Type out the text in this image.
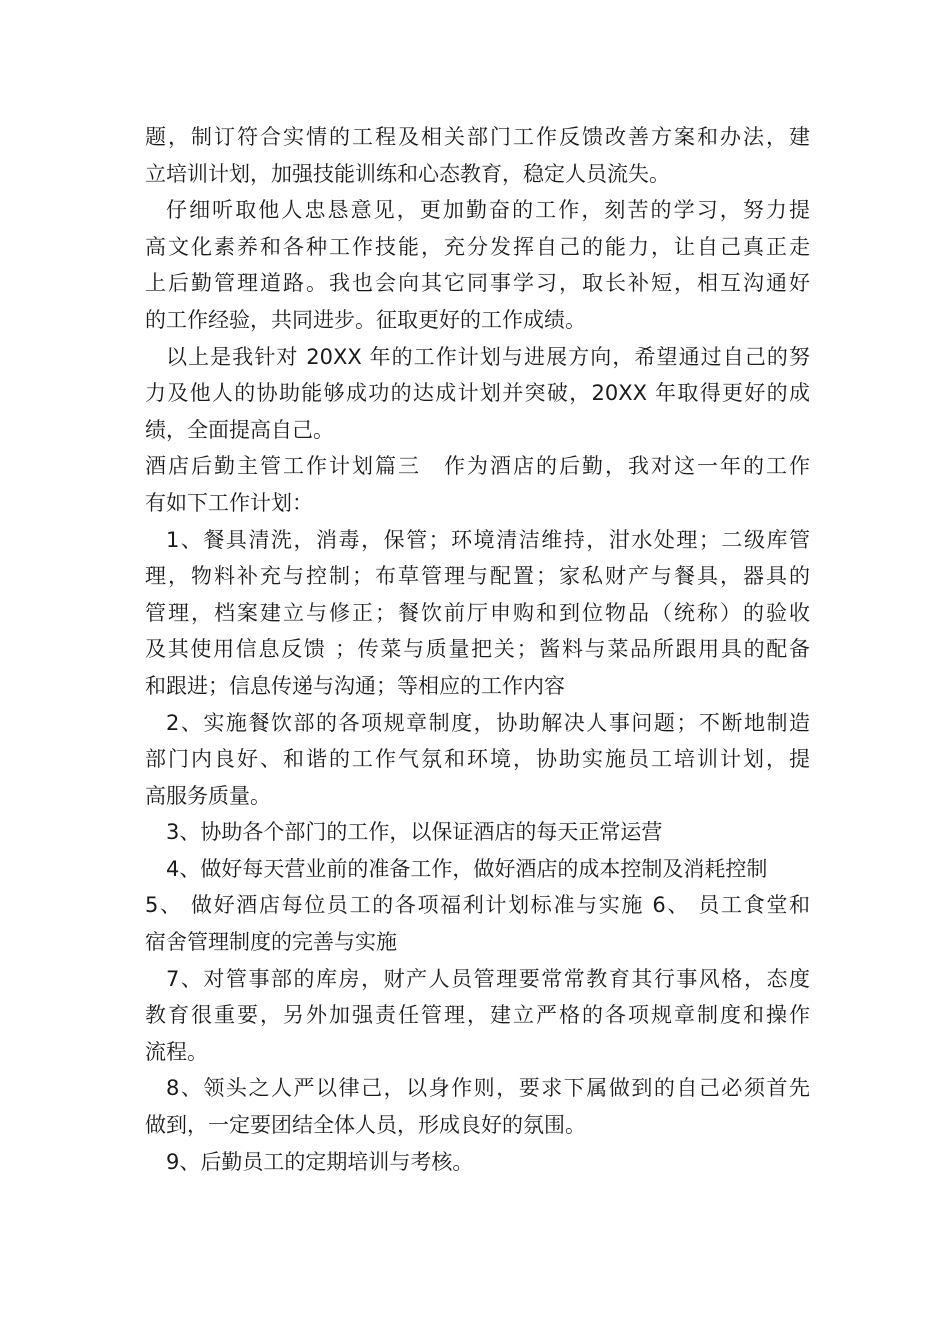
题，制订符合实情的工程及相关部门工作反馈改善方案和办法，建
立培训计划，加强技能训练和心态教育，稳定人员流失。

仔细听取他人忠恳意见，更加勤奋的工作，刻苦的学习，努力提
高文化素养和各种工作技能，充分发挥自己的能力，让自己真正走
上后勤管理道路。我也会向其它同事学习，取长补短，相互沟通好
的工作经验，共同进步。征取更好的工作成绩。

以上是我针对 20XX 年的工作计划与进展方向，希望通过自己的努
力及他人的协助能够成功的达成计划并突破，20XX 年取得更好的成
绩，全面提高自己。

酒店后勤主管工作计划篇三　作为酒店的后勤，我对这一年的工作
有如下工作计划：

1、餐具清洗，消毒，保管；环境清洁维持，泔水处理；二级库管
理，物料补充与控制；布草管理与配置；家私财产与餐具，器具的
管理，档案建立与修正；餐饮前厅申购和到位物品（统称）的验收
及其使用信息反馈 ；传菜与质量把关；酱料与菜品所跟用具的配备
和跟进；信息传递与沟通；等相应的工作内容

2、实施餐饮部的各项规章制度，协助解决人事问题；不断地制造
部门内良好、和谐的工作气氛和环境，协助实施员工培训计划，提
高服务质量。

3、协助各个部门的工作，以保证酒店的每天正常运营

4、做好每天营业前的准备工作，做好酒店的成本控制及消耗控制

5、 做好酒店每位员工的各项福利计划标准与实施 6、 员工食堂和
宿舍管理制度的完善与实施

7、对管事部的库房，财产人员管理要常常教育其行事风格，态度
教育很重要，另外加强责任管理，建立严格的各项规章制度和操作
流程。

8、领头之人严以律己，以身作则，要求下属做到的自己必须首先
做到，一定要团结全体人员，形成良好的氛围。

9、后勤员工的定期培训与考核。
